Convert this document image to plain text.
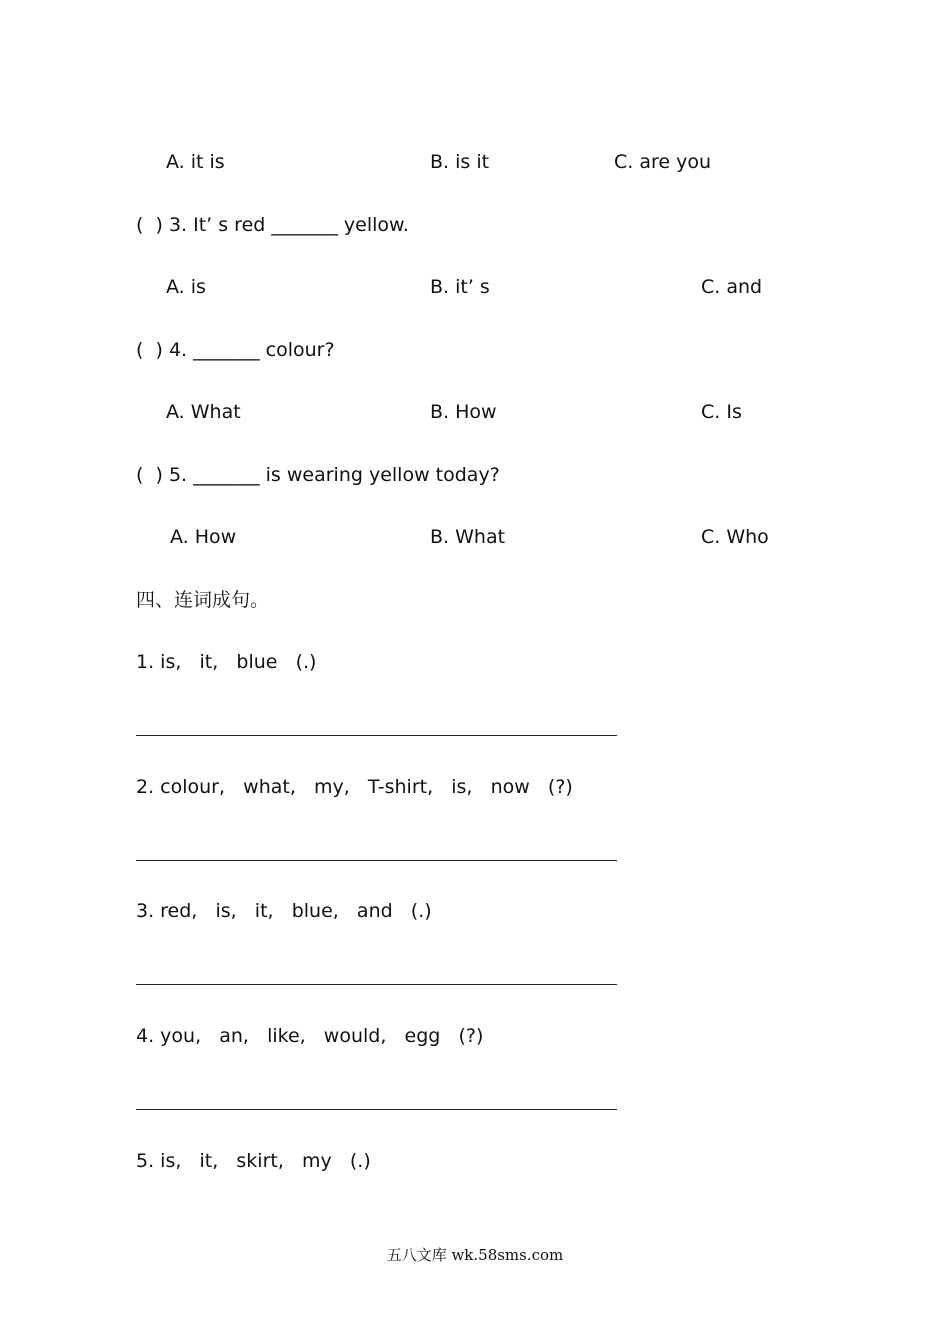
A. it is	B. is it	C. are you
(  ) 3. It’ s red _______ yellow.
A. is	B. it’ s	C. and
(  ) 4. _______ colour?
A. What	B. How	C. Is
(  ) 5. _______ is wearing yellow today?
A. How	B. What	C. Who
四、连词成句。
1. is,   it,   blue   (.)
2. colour,   what,   my,   T-shirt,   is,   now   (?)
3. red,   is,   it,   blue,   and   (.)
4. you,   an,   like,   would,   egg   (?)
5. is,   it,   skirt,   my   (.)
五八文库 wk.58sms.com
